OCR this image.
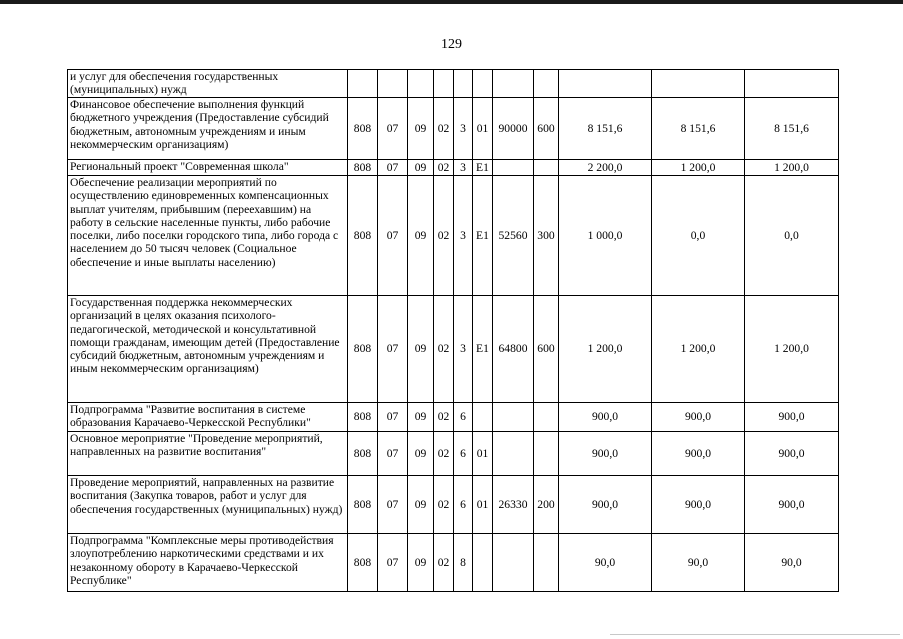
129
и услуг для обеспечения государственных (муниципальных) нужд											
Финансовое обеспечение выполнения функций бюджетного учреждения (Предоставление субсидий бюджетным, автономным учреждениям и иным некоммерческим организациям)	808	07	09	02	3	01	90000	600	8 151,6	8 151,6	8 151,6
Региональный проект "Современная школа"	808	07	09	02	3	E1			2 200,0	1 200,0	1 200,0
Обеспечение реализации мероприятий по осуществлению единовременных компенсационных выплат учителям, прибывшим (переехавшим) на работу в сельские населенные пункты, либо рабочие поселки, либо поселки городского типа, либо города с населением до 50 тысяч человек (Социальное обеспечение и иные выплаты населению)	808	07	09	02	3	E1	52560	300	1 000,0	0,0	0,0
Государственная поддержка некоммерческих организаций в целях оказания психолого-педагогической, методической и консультативной помощи гражданам, имеющим детей (Предоставление субсидий бюджетным, автономным учреждениям и иным некоммерческим организациям)	808	07	09	02	3	E1	64800	600	1 200,0	1 200,0	1 200,0
Подпрограмма "Развитие воспитания в системе образования Карачаево-Черкесской Республики"	808	07	09	02	6				900,0	900,0	900,0
Основное мероприятие "Проведение мероприятий, направленных на развитие воспитания"	808	07	09	02	6	01			900,0	900,0	900,0
Проведение мероприятий, направленных на развитие воспитания (Закупка товаров, работ и услуг для обеспечения государственных (муниципальных) нужд)	808	07	09	02	6	01	26330	200	900,0	900,0	900,0
Подпрограмма "Комплексные меры противодействия злоупотреблению наркотическими средствами и их незаконному обороту в Карачаево-Черкесской Республике"	808	07	09	02	8				90,0	90,0	90,0
